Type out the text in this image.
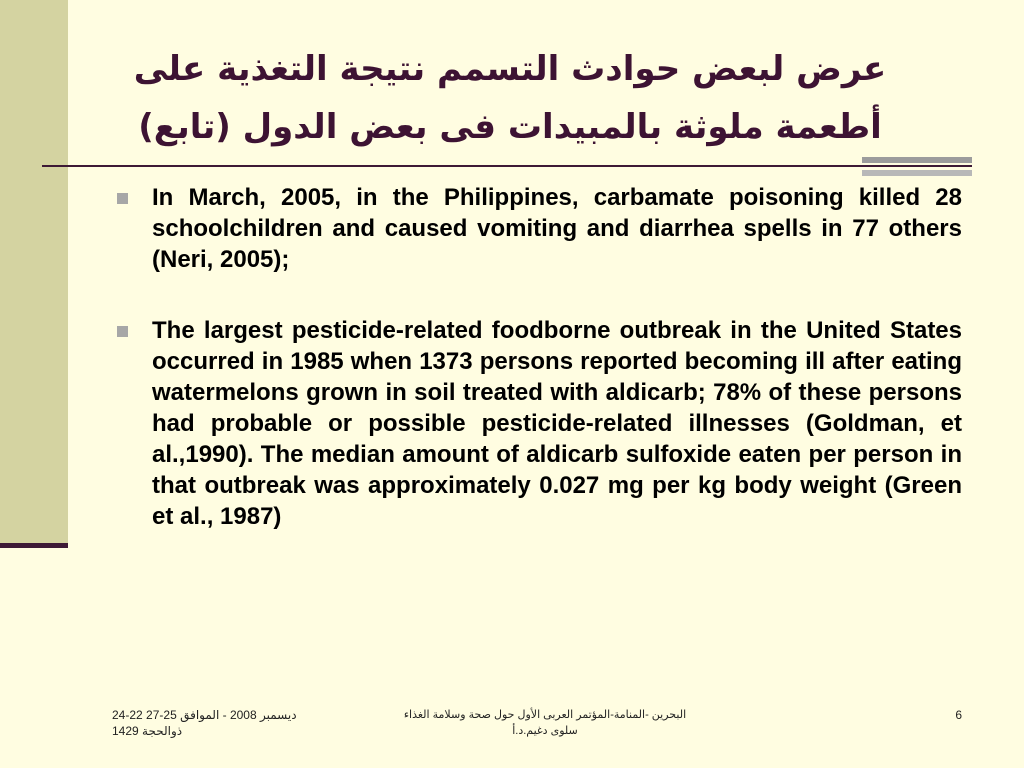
عرض لبعض حوادث التسمم نتيجة التغذية على
أطعمة ملوثة بالمبيدات فى بعض الدول (تابع)
In March, 2005, in the Philippines, carbamate poisoning killed 28 schoolchildren and caused vomiting and diarrhea spells in 77 others (Neri, 2005);
The largest pesticide-related foodborne outbreak in the United States occurred in 1985 when 1373 persons reported becoming ill after eating watermelons grown in soil treated with aldicarb; 78% of these persons had probable or possible pesticide-related illnesses (Goldman, et al.,1990). The median amount of aldicarb sulfoxide eaten per person in that outbreak was approximately 0.027 mg per kg body weight (Green et al., 1987)
24-22 ديسمبر 2008 - الموافق 25-27
ذوالحجة 1429
البحرين -المنامة-المؤتمر العربى الأول حول صحة وسلامة الغذاء
سلوى دغيم.د.أ
6
